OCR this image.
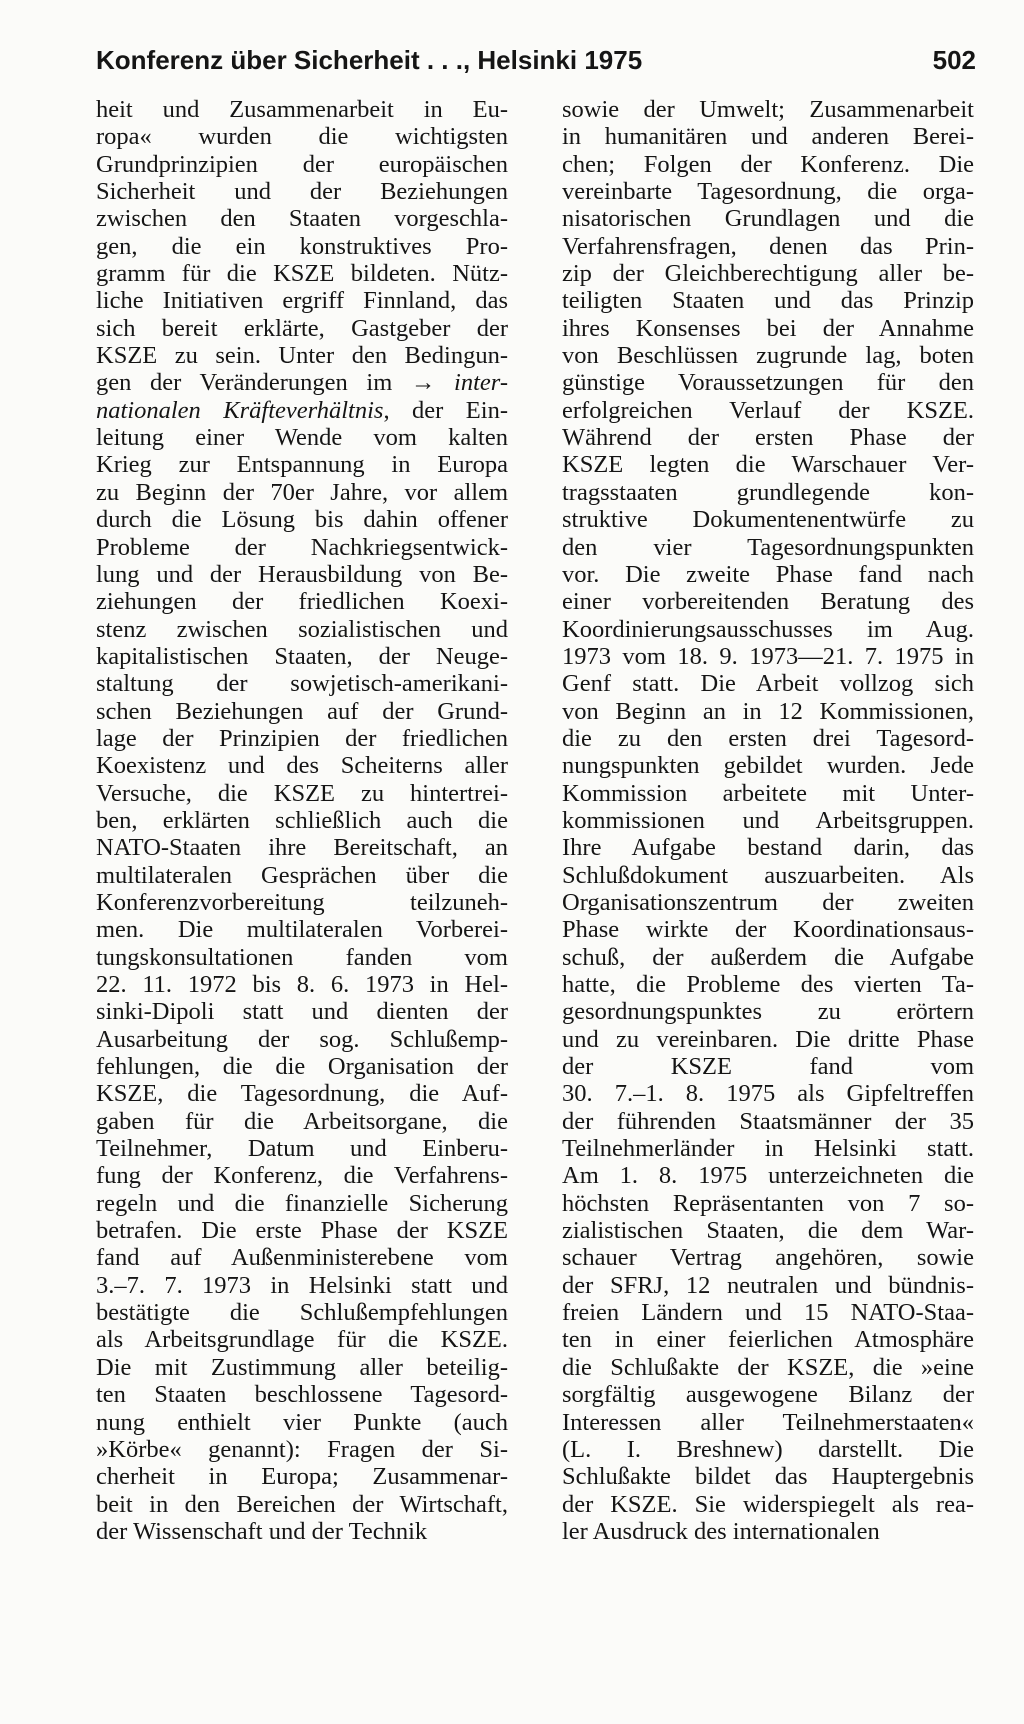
Konferenz über Sicherheit . . ., Helsinki 1975	502
heit und Zusammenarbeit in Eu-
ropa« wurden die wichtigsten
Grundprinzipien der europäischen
Sicherheit und der Beziehungen
zwischen den Staaten vorgeschla-
gen, die ein konstruktives Pro-
gramm für die KSZE bildeten. Nütz-
liche Initiativen ergriff Finnland, das
sich bereit erklärte, Gastgeber der
KSZE zu sein. Unter den Bedingun-
gen der Veränderungen im → inter-
nationalen Kräfteverhältnis, der Ein-
leitung einer Wende vom kalten
Krieg zur Entspannung in Europa
zu Beginn der 70er Jahre, vor allem
durch die Lösung bis dahin offener
Probleme der Nachkriegsentwick-
lung und der Herausbildung von Be-
ziehungen der friedlichen Koexi-
stenz zwischen sozialistischen und
kapitalistischen Staaten, der Neuge-
staltung der sowjetisch-amerikani-
schen Beziehungen auf der Grund-
lage der Prinzipien der friedlichen
Koexistenz und des Scheiterns aller
Versuche, die KSZE zu hintertrei-
ben, erklärten schließlich auch die
NATO-Staaten ihre Bereitschaft, an
multilateralen Gesprächen über die
Konferenzvorbereitung teilzuneh-
men. Die multilateralen Vorberei-
tungskonsultationen fanden vom
22. 11. 1972 bis 8. 6. 1973 in Hel-
sinki-Dipoli statt und dienten der
Ausarbeitung der sog. Schlußemp-
fehlungen, die die Organisation der
KSZE, die Tagesordnung, die Auf-
gaben für die Arbeitsorgane, die
Teilnehmer, Datum und Einberu-
fung der Konferenz, die Verfahrens-
regeln und die finanzielle Sicherung
betrafen. Die erste Phase der KSZE
fand auf Außenministerebene vom
3.–7. 7. 1973 in Helsinki statt und
bestätigte die Schlußempfehlungen
als Arbeitsgrundlage für die KSZE.
Die mit Zustimmung aller beteilig-
ten Staaten beschlossene Tagesord-
nung enthielt vier Punkte (auch
»Körbe« genannt): Fragen der Si-
cherheit in Europa; Zusammenar-
beit in den Bereichen der Wirtschaft,
der Wissenschaft und der Technik
sowie der Umwelt; Zusammenarbeit
in humanitären und anderen Berei-
chen; Folgen der Konferenz. Die
vereinbarte Tagesordnung, die orga-
nisatorischen Grundlagen und die
Verfahrensfragen, denen das Prin-
zip der Gleichberechtigung aller be-
teiligten Staaten und das Prinzip
ihres Konsenses bei der Annahme
von Beschlüssen zugrunde lag, boten
günstige Voraussetzungen für den
erfolgreichen Verlauf der KSZE.
Während der ersten Phase der
KSZE legten die Warschauer Ver-
tragsstaaten grundlegende kon-
struktive Dokumentenentwürfe zu
den vier Tagesordnungspunkten
vor. Die zweite Phase fand nach
einer vorbereitenden Beratung des
Koordinierungsausschusses im Aug.
1973 vom 18. 9. 1973—21. 7. 1975 in
Genf statt. Die Arbeit vollzog sich
von Beginn an in 12 Kommissionen,
die zu den ersten drei Tagesord-
nungspunkten gebildet wurden. Jede
Kommission arbeitete mit Unter-
kommissionen und Arbeitsgruppen.
Ihre Aufgabe bestand darin, das
Schlußdokument auszuarbeiten. Als
Organisationszentrum der zweiten
Phase wirkte der Koordinationsaus-
schuß, der außerdem die Aufgabe
hatte, die Probleme des vierten Ta-
gesordnungspunktes zu erörtern
und zu vereinbaren. Die dritte Phase
der KSZE fand vom
30. 7.–1. 8. 1975 als Gipfeltreffen
der führenden Staatsmänner der 35
Teilnehmerländer in Helsinki statt.
Am 1. 8. 1975 unterzeichneten die
höchsten Repräsentanten von 7 so-
zialistischen Staaten, die dem War-
schauer Vertrag angehören, sowie
der SFRJ, 12 neutralen und bündnis-
freien Ländern und 15 NATO-Staa-
ten in einer feierlichen Atmosphäre
die Schlußakte der KSZE, die »eine
sorgfältig ausgewogene Bilanz der
Interessen aller Teilnehmerstaaten«
(L. I. Breshnew) darstellt. Die
Schlußakte bildet das Hauptergebnis
der KSZE. Sie widerspiegelt als rea-
ler Ausdruck des internationalen
